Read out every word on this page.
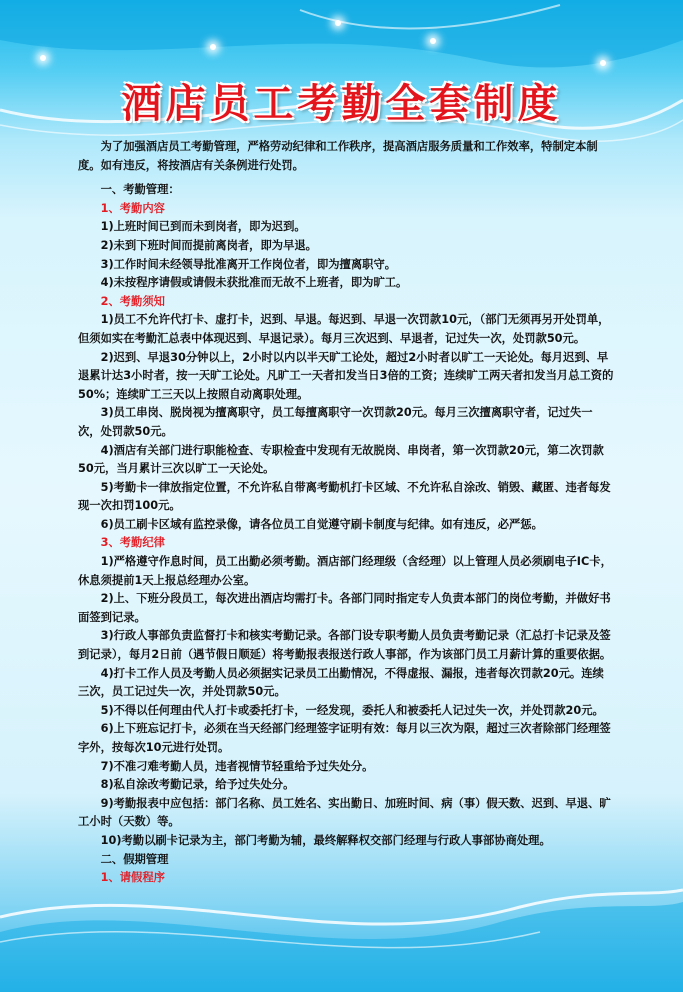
酒店员工考勤全套制度

为了加强酒店员工考勤管理，严格劳动纪律和工作秩序，提高酒店服务质量和工作效率，特制定本制度。如有违反，将按酒店有关条例进行处罚。

一、考勤管理：

1、考勤内容

1)上班时间已到而未到岗者，即为迟到。

2)未到下班时间而提前离岗者，即为早退。

3)工作时间未经领导批准离开工作岗位者，即为擅离职守。

4)未按程序请假或请假未获批准而无故不上班者，即为旷工。

2、考勤须知

1)员工不允许代打卡、虚打卡，迟到、早退。每迟到、早退一次罚款10元，（部门无须再另开处罚单，但须如实在考勤汇总表中体现迟到、早退记录）。每月三次迟到、早退者，记过失一次，处罚款50元。

2)迟到、早退30分钟以上，2小时以内以半天旷工论处，超过2小时者以旷工一天论处。每月迟到、早退累计达3小时者，按一天旷工论处。凡旷工一天者扣发当日3倍的工资；连续旷工两天者扣发当月总工资的50%；连续旷工三天以上按照自动离职处理。

3)员工串岗、脱岗视为擅离职守，员工每擅离职守一次罚款20元。每月三次擅离职守者，记过失一次，处罚款50元。

4)酒店有关部门进行职能检查、专职检查中发现有无故脱岗、串岗者，第一次罚款20元，第二次罚款50元，当月累计三次以旷工一天论处。

5)考勤卡一律放指定位置，不允许私自带离考勤机打卡区域、不允许私自涂改、销毁、藏匿、违者每发现一次扣罚100元。

6)员工刷卡区域有监控录像，请各位员工自觉遵守刷卡制度与纪律。如有违反，必严惩。

3、考勤纪律

1)严格遵守作息时间，员工出勤必须考勤。酒店部门经理级（含经理）以上管理人员必须刷电子IC卡，休息须提前1天上报总经理办公室。

2)上、下班分段员工，每次进出酒店均需打卡。各部门同时指定专人负责本部门的岗位考勤，并做好书面签到记录。

3)行政人事部负责监督打卡和核实考勤记录。各部门设专职考勤人员负责考勤记录（汇总打卡记录及签到记录），每月2日前（遇节假日顺延）将考勤报表报送行政人事部，作为该部门员工月薪计算的重要依据。

4)打卡工作人员及考勤人员必须据实记录员工出勤情况，不得虚报、漏报，违者每次罚款20元。连续三次，员工记过失一次，并处罚款50元。

5)不得以任何理由代人打卡或委托打卡，一经发现，委托人和被委托人记过失一次，并处罚款20元。

6)上下班忘记打卡，必须在当天经部门经理签字证明有效：每月以三次为限，超过三次者除部门经理签字外，按每次10元进行处罚。

7)不准刁难考勤人员，违者视情节轻重给予过失处分。

8)私自涂改考勤记录，给予过失处分。

9)考勤报表中应包括：部门名称、员工姓名、实出勤日、加班时间、病（事）假天数、迟到、早退、旷工小时（天数）等。

10)考勤以刷卡记录为主，部门考勤为辅，最终解释权交部门经理与行政人事部协商处理。

二、假期管理

1、请假程序
